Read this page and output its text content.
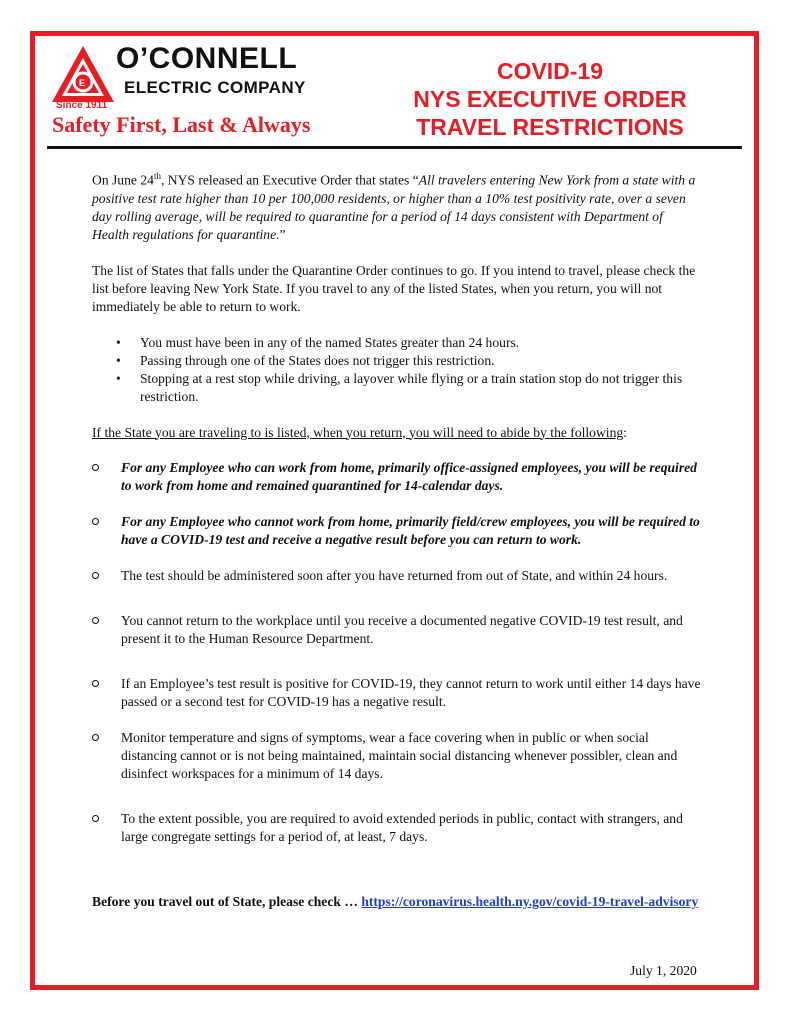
E
O’CONNELL
ELECTRIC COMPANY
Since 1911
Safety First, Last & Always
COVID-19
NYS EXECUTIVE ORDER
TRAVEL RESTRICTIONS

On June 24th, NYS released an Executive Order that states “All travelers entering New York from a state with a positive test rate higher than 10 per 100,000 residents, or higher than a 10% test positivity rate, over a seven day rolling average, will be required to quarantine for a period of 14 days consistent with Department of Health regulations for quarantine.”

The list of States that falls under the Quarantine Order continues to go. If you intend to travel, please check the list before leaving New York State. If you travel to any of the listed States, when you return, you will not immediately be able to return to work.

• You must have been in any of the named States greater than 24 hours.
• Passing through one of the States does not trigger this restriction.
• Stopping at a rest stop while driving, a layover while flying or a train station stop do not trigger this restriction.

If the State you are traveling to is listed, when you return, you will need to abide by the following:

For any Employee who can work from home, primarily office-assigned employees, you will be required to work from home and remained quarantined for 14-calendar days.
For any Employee who cannot work from home, primarily field/crew employees, you will be required to have a COVID-19 test and receive a negative result before you can return to work.
The test should be administered soon after you have returned from out of State, and within 24 hours.
You cannot return to the workplace until you receive a documented negative COVID-19 test result, and present it to the Human Resource Department.
If an Employee’s test result is positive for COVID-19, they cannot return to work until either 14 days have passed or a second test for COVID-19 has a negative result.
Monitor temperature and signs of symptoms, wear a face covering when in public or when social distancing cannot or is not being maintained, maintain social distancing whenever possibler, clean and disinfect workspaces for a minimum of 14 days.
To the extent possible, you are required to avoid extended periods in public, contact with strangers, and large congregate settings for a period of, at least, 7 days.

Before you travel out of State, please check … https://coronavirus.health.ny.gov/covid-19-travel-advisory

July 1, 2020
